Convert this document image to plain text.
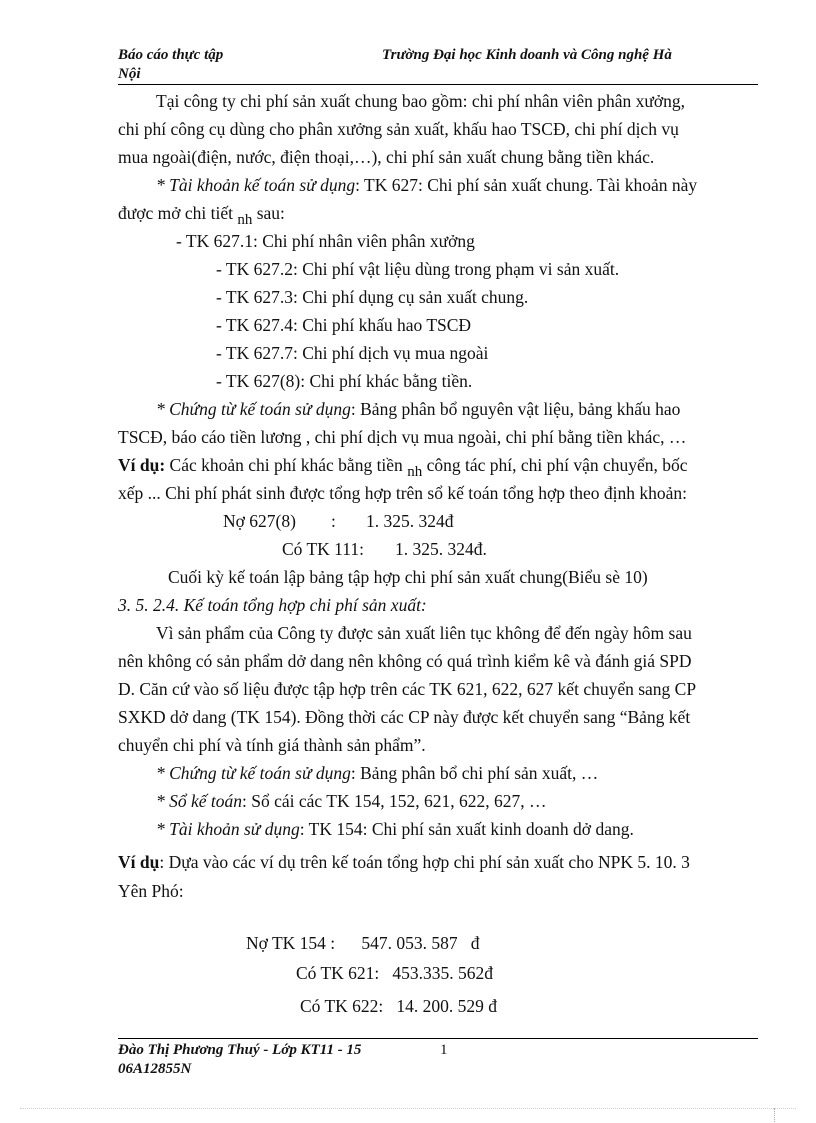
Báo cáo thực tập	Trường Đại học Kinh doanh và Công nghệ Hà
Nội
Tại công ty chi phí sản xuất chung bao gồm: chi phí nhân viên phân xưởng,
chi phí công cụ dùng cho phân xưởng sản xuất, khấu hao TSCĐ, chi phí dịch vụ
mua ngoài(điện, nước, điện thoại,…), chi phí sản xuất chung bằng tiền khác.
* Tài khoản kế toán sử dụng: TK 627: Chi phí sản xuất chung. Tài khoản này
được mở chi tiết nh sau:
- TK 627.1: Chi phí nhân viên phân xưởng
- TK 627.2: Chi phí vật liệu dùng trong phạm vi sản xuất.
- TK 627.3: Chi phí dụng cụ sản xuất chung.
- TK 627.4: Chi phí khấu hao TSCĐ
- TK 627.7: Chi phí dịch vụ mua ngoài
- TK 627(8): Chi phí khác bằng tiền.
* Chứng từ kế toán sử dụng: Bảng phân bổ nguyên vật liệu, bảng khấu hao
TSCĐ, báo cáo tiền lương , chi phí dịch vụ mua ngoài, chi phí bằng tiền khác, …
Ví dụ: Các khoản chi phí khác bằng tiền nh công tác phí, chi phí vận chuyển, bốc
xếp ... Chi phí phát sinh được tổng hợp trên sổ kế toán tổng hợp theo định khoản:
Nợ 627(8) : 1. 325. 324đ
Có TK 111: 1. 325. 324đ.
Cuối kỳ kế toán lập bảng tập hợp chi phí sản xuất chung(Biểu sè 10)
3. 5. 2.4. Kế toán tổng hợp chi phí sản xuất:
Vì sản phẩm của Công ty được sản xuất liên tục không để đến ngày hôm sau
nên không có sản phẩm dở dang nên không có quá trình kiểm kê và đánh giá SPD
D. Căn cứ vào số liệu được tập hợp trên các TK 621, 622, 627 kết chuyển sang CP
SXKD dở dang (TK 154). Đồng thời các CP này được kết chuyển sang “Bảng kết
chuyển chi phí và tính giá thành sản phẩm”.
* Chứng từ kế toán sử dụng: Bảng phân bổ chi phí sản xuất, …
* Sổ kế toán: Sổ cái các TK 154, 152, 621, 622, 627, …
* Tài khoản sử dụng: TK 154: Chi phí sản xuất kinh doanh dở dang.
Ví dụ: Dựa vào các ví dụ trên kế toán tổng hợp chi phí sản xuất cho NPK 5. 10. 3
Yên Phó:
Nợ TK 154 :      547. 053. 587   đ
Có TK 621:   453.335. 562đ
Có TK 622:   14. 200. 529 đ
Đào Thị Phương Thuý - Lớp KT11 - 15	1
06A12855N
